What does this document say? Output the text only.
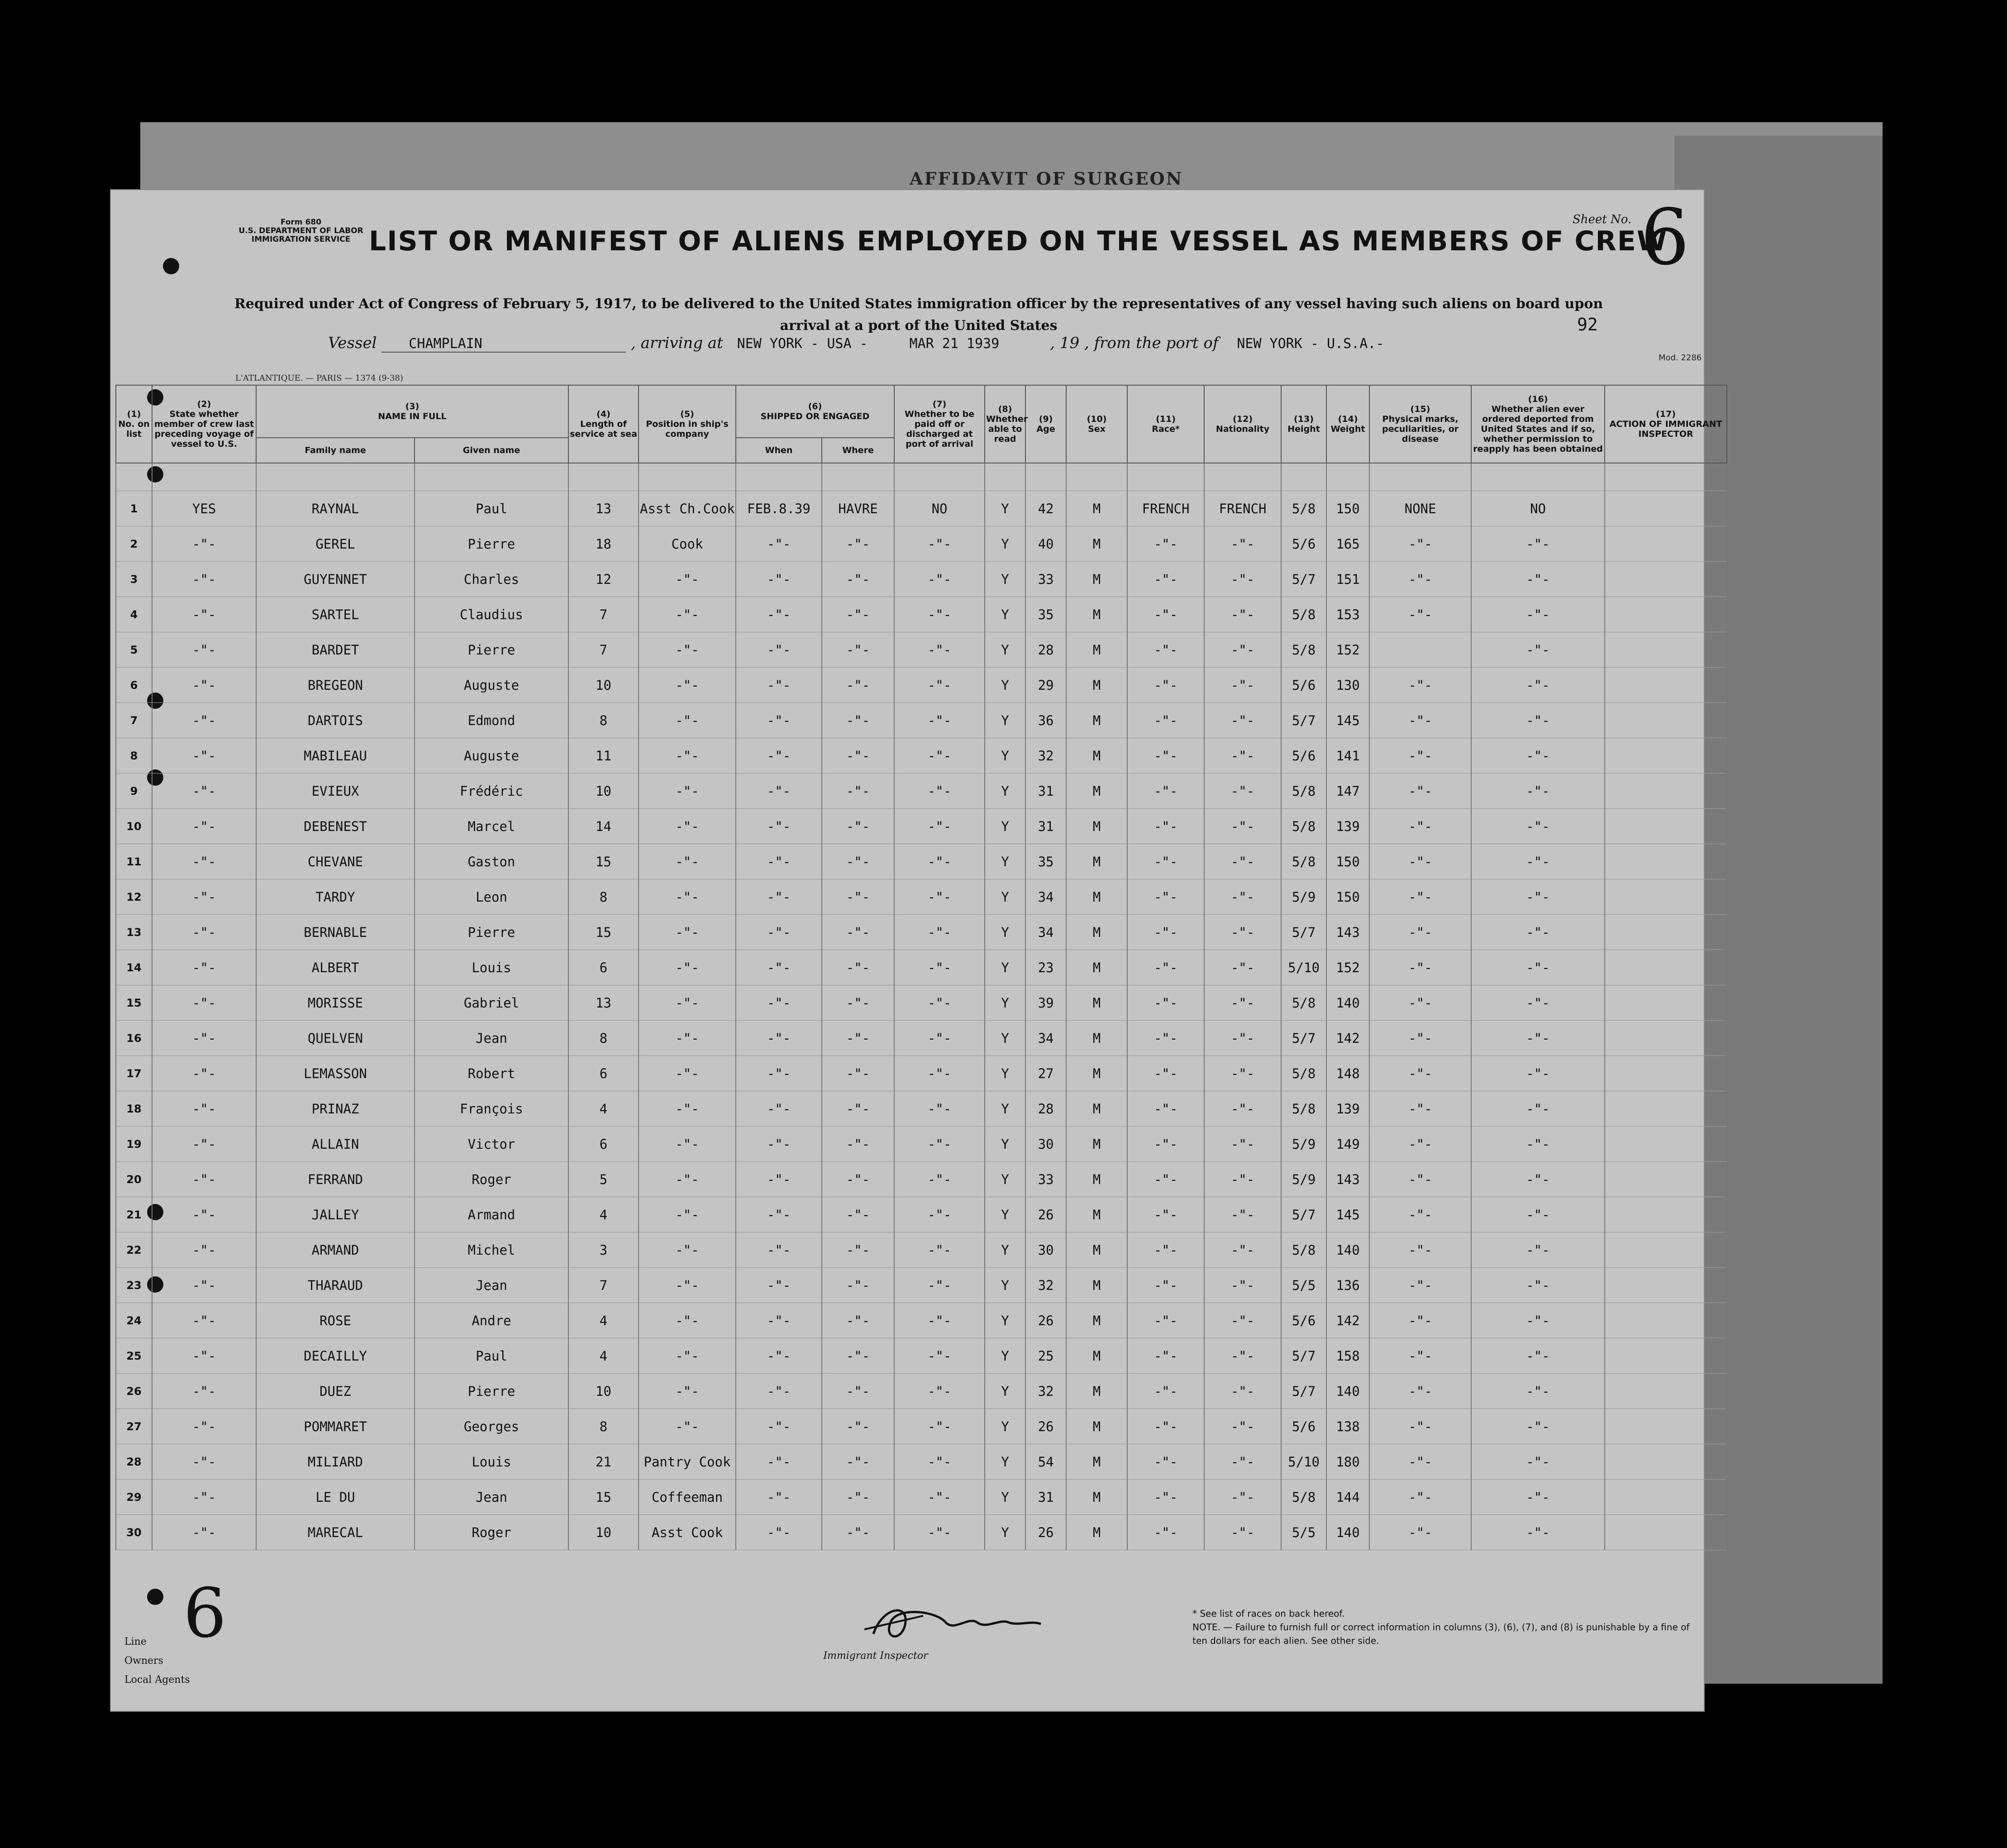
AFFIDAVIT OF SURGEON
Form 680
U.S. DEPARTMENT OF LABOR
IMMIGRATION SERVICE
Sheet No. 6
LIST OR MANIFEST OF ALIENS EMPLOYED ON THE VESSEL AS MEMBERS OF CREW
Required under Act of Congress of February 5, 1917, to be delivered to the United States immigration officer by the representatives of any vessel having such aliens on board upon arrival at a port of the United States
Vessel CHAMPLAIN	, arriving at NEW YORK - USA -	MAR 21 1939	, 19 , from the port of NEW YORK - U.S.A.-
92
L'ATLANTIQUE. — PARIS — 1374 (9-38)
Mod. 2286
(1)
No. on list	(2)
State whether member of crew last preceding voyage of vessel to U.S.	(3)
NAME IN FULL		(4)
Length of service at sea	(5)
Position in ship's company	(6)
SHIPPED OR ENGAGED		(7)
Whether to be paid off or discharged at port of arrival	(8)
Whether able to read	(9)
Age	(10)
Sex	(11)
Race*	(12)
Nationality	(13)
Height	(14)
Weight	(15)
Physical marks, peculiarities, or disease	(16)
Whether alien ever ordered deported from United States and if so, whether permission to reapply has been obtained	(17)
ACTION OF IMMIGRANT INSPECTOR
		Family name	Given name			When	Where											

1	YES	RAYNAL	Paul	13	Asst Ch.Cook	FEB.8.39	HAVRE	NO	Y	42	M	FRENCH	FRENCH	5/8	150	NONE	NO	
2	-"-	GEREL	Pierre	18	Cook	-"-	-"-	-"-	Y	40	M	-"-	-"-	5/6	165	-"-	-"-	
3	-"-	GUYENNET	Charles	12	-"-	-"-	-"-	-"-	Y	33	M	-"-	-"-	5/7	151	-"-	-"-	
4	-"-	SARTEL	Claudius	7	-"-	-"-	-"-	-"-	Y	35	M	-"-	-"-	5/8	153	-"-	-"-	
5	-"-	BARDET	Pierre	7	-"-	-"-	-"-	-"-	Y	28	M	-"-	-"-	5/8	152		-"-	
6	-"-	BREGEON	Auguste	10	-"-	-"-	-"-	-"-	Y	29	M	-"-	-"-	5/6	130	-"-	-"-	
7	-"-	DARTOIS	Edmond	8	-"-	-"-	-"-	-"-	Y	36	M	-"-	-"-	5/7	145	-"-	-"-	
8	-"-	MABILEAU	Auguste	11	-"-	-"-	-"-	-"-	Y	32	M	-"-	-"-	5/6	141	-"-	-"-	
9	-"-	EVIEUX	Frédéric	10	-"-	-"-	-"-	-"-	Y	31	M	-"-	-"-	5/8	147	-"-	-"-	
10	-"-	DEBENEST	Marcel	14	-"-	-"-	-"-	-"-	Y	31	M	-"-	-"-	5/8	139	-"-	-"-	
11	-"-	CHEVANE	Gaston	15	-"-	-"-	-"-	-"-	Y	35	M	-"-	-"-	5/8	150	-"-	-"-	
12	-"-	TARDY	Leon	8	-"-	-"-	-"-	-"-	Y	34	M	-"-	-"-	5/9	150	-"-	-"-	
13	-"-	BERNABLE	Pierre	15	-"-	-"-	-"-	-"-	Y	34	M	-"-	-"-	5/7	143	-"-	-"-	
14	-"-	ALBERT	Louis	6	-"-	-"-	-"-	-"-	Y	23	M	-"-	-"-	5/10	152	-"-	-"-	
15	-"-	MORISSE	Gabriel	13	-"-	-"-	-"-	-"-	Y	39	M	-"-	-"-	5/8	140	-"-	-"-	
16	-"-	QUELVEN	Jean	8	-"-	-"-	-"-	-"-	Y	34	M	-"-	-"-	5/7	142	-"-	-"-	
17	-"-	LEMASSON	Robert	6	-"-	-"-	-"-	-"-	Y	27	M	-"-	-"-	5/8	148	-"-	-"-	
18	-"-	PRINAZ	François	4	-"-	-"-	-"-	-"-	Y	28	M	-"-	-"-	5/8	139	-"-	-"-	
19	-"-	ALLAIN	Victor	6	-"-	-"-	-"-	-"-	Y	30	M	-"-	-"-	5/9	149	-"-	-"-	
20	-"-	FERRAND	Roger	5	-"-	-"-	-"-	-"-	Y	33	M	-"-	-"-	5/9	143	-"-	-"-	
21	-"-	JALLEY	Armand	4	-"-	-"-	-"-	-"-	Y	26	M	-"-	-"-	5/7	145	-"-	-"-	
22	-"-	ARMAND	Michel	3	-"-	-"-	-"-	-"-	Y	30	M	-"-	-"-	5/8	140	-"-	-"-	
23	-"-	THARAUD	Jean	7	-"-	-"-	-"-	-"-	Y	32	M	-"-	-"-	5/5	136	-"-	-"-	
24	-"-	ROSE	Andre	4	-"-	-"-	-"-	-"-	Y	26	M	-"-	-"-	5/6	142	-"-	-"-	
25	-"-	DECAILLY	Paul	4	-"-	-"-	-"-	-"-	Y	25	M	-"-	-"-	5/7	158	-"-	-"-	
26	-"-	DUEZ	Pierre	10	-"-	-"-	-"-	-"-	Y	32	M	-"-	-"-	5/7	140	-"-	-"-	
27	-"-	POMMARET	Georges	8	-"-	-"-	-"-	-"-	Y	26	M	-"-	-"-	5/6	138	-"-	-"-	
28	-"-	MILIARD	Louis	21	Pantry Cook	-"-	-"-	-"-	Y	54	M	-"-	-"-	5/10	180	-"-	-"-	
29	-"-	LE DU	Jean	15	Coffeeman	-"-	-"-	-"-	Y	31	M	-"-	-"-	5/8	144	-"-	-"-	
30	-"-	MARECAL	Roger	10	Asst Cook	-"-	-"-	-"-	Y	26	M	-"-	-"-	5/5	140	-"-	-"-	
Immigrant Inspector
Line
Owners
Local Agents
6	* See list of races on back hereof.
NOTE. — Failure to furnish full or correct information in columns (3), (6), (7), and (8) is punishable by a fine of ten dollars for each alien. See other side.
